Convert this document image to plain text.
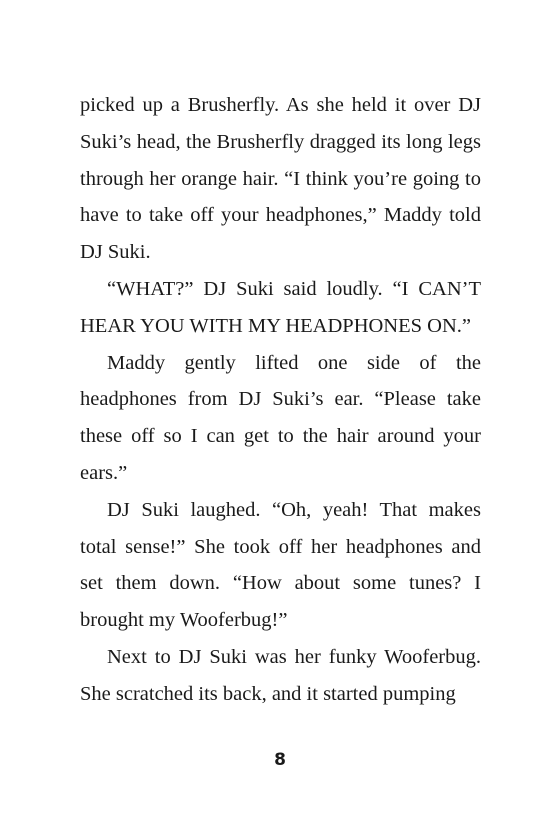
picked up a Brusherfly. As she held it over DJ Suki’s head, the Brusherfly dragged its long legs through her orange hair. “I think you’re going to have to take off your headphones,” Maddy told DJ Suki.

“WHAT?” DJ Suki said loudly. “I CAN’T HEAR YOU WITH MY HEADPHONES ON.”

Maddy gently lifted one side of the headphones from DJ Suki’s ear. “Please take these off so I can get to the hair around your ears.”

DJ Suki laughed. “Oh, yeah! That makes total sense!” She took off her headphones and set them down. “How about some tunes? I brought my Wooferbug!”

Next to DJ Suki was her funky Wooferbug. She scratched its back, and it started pumping

8
